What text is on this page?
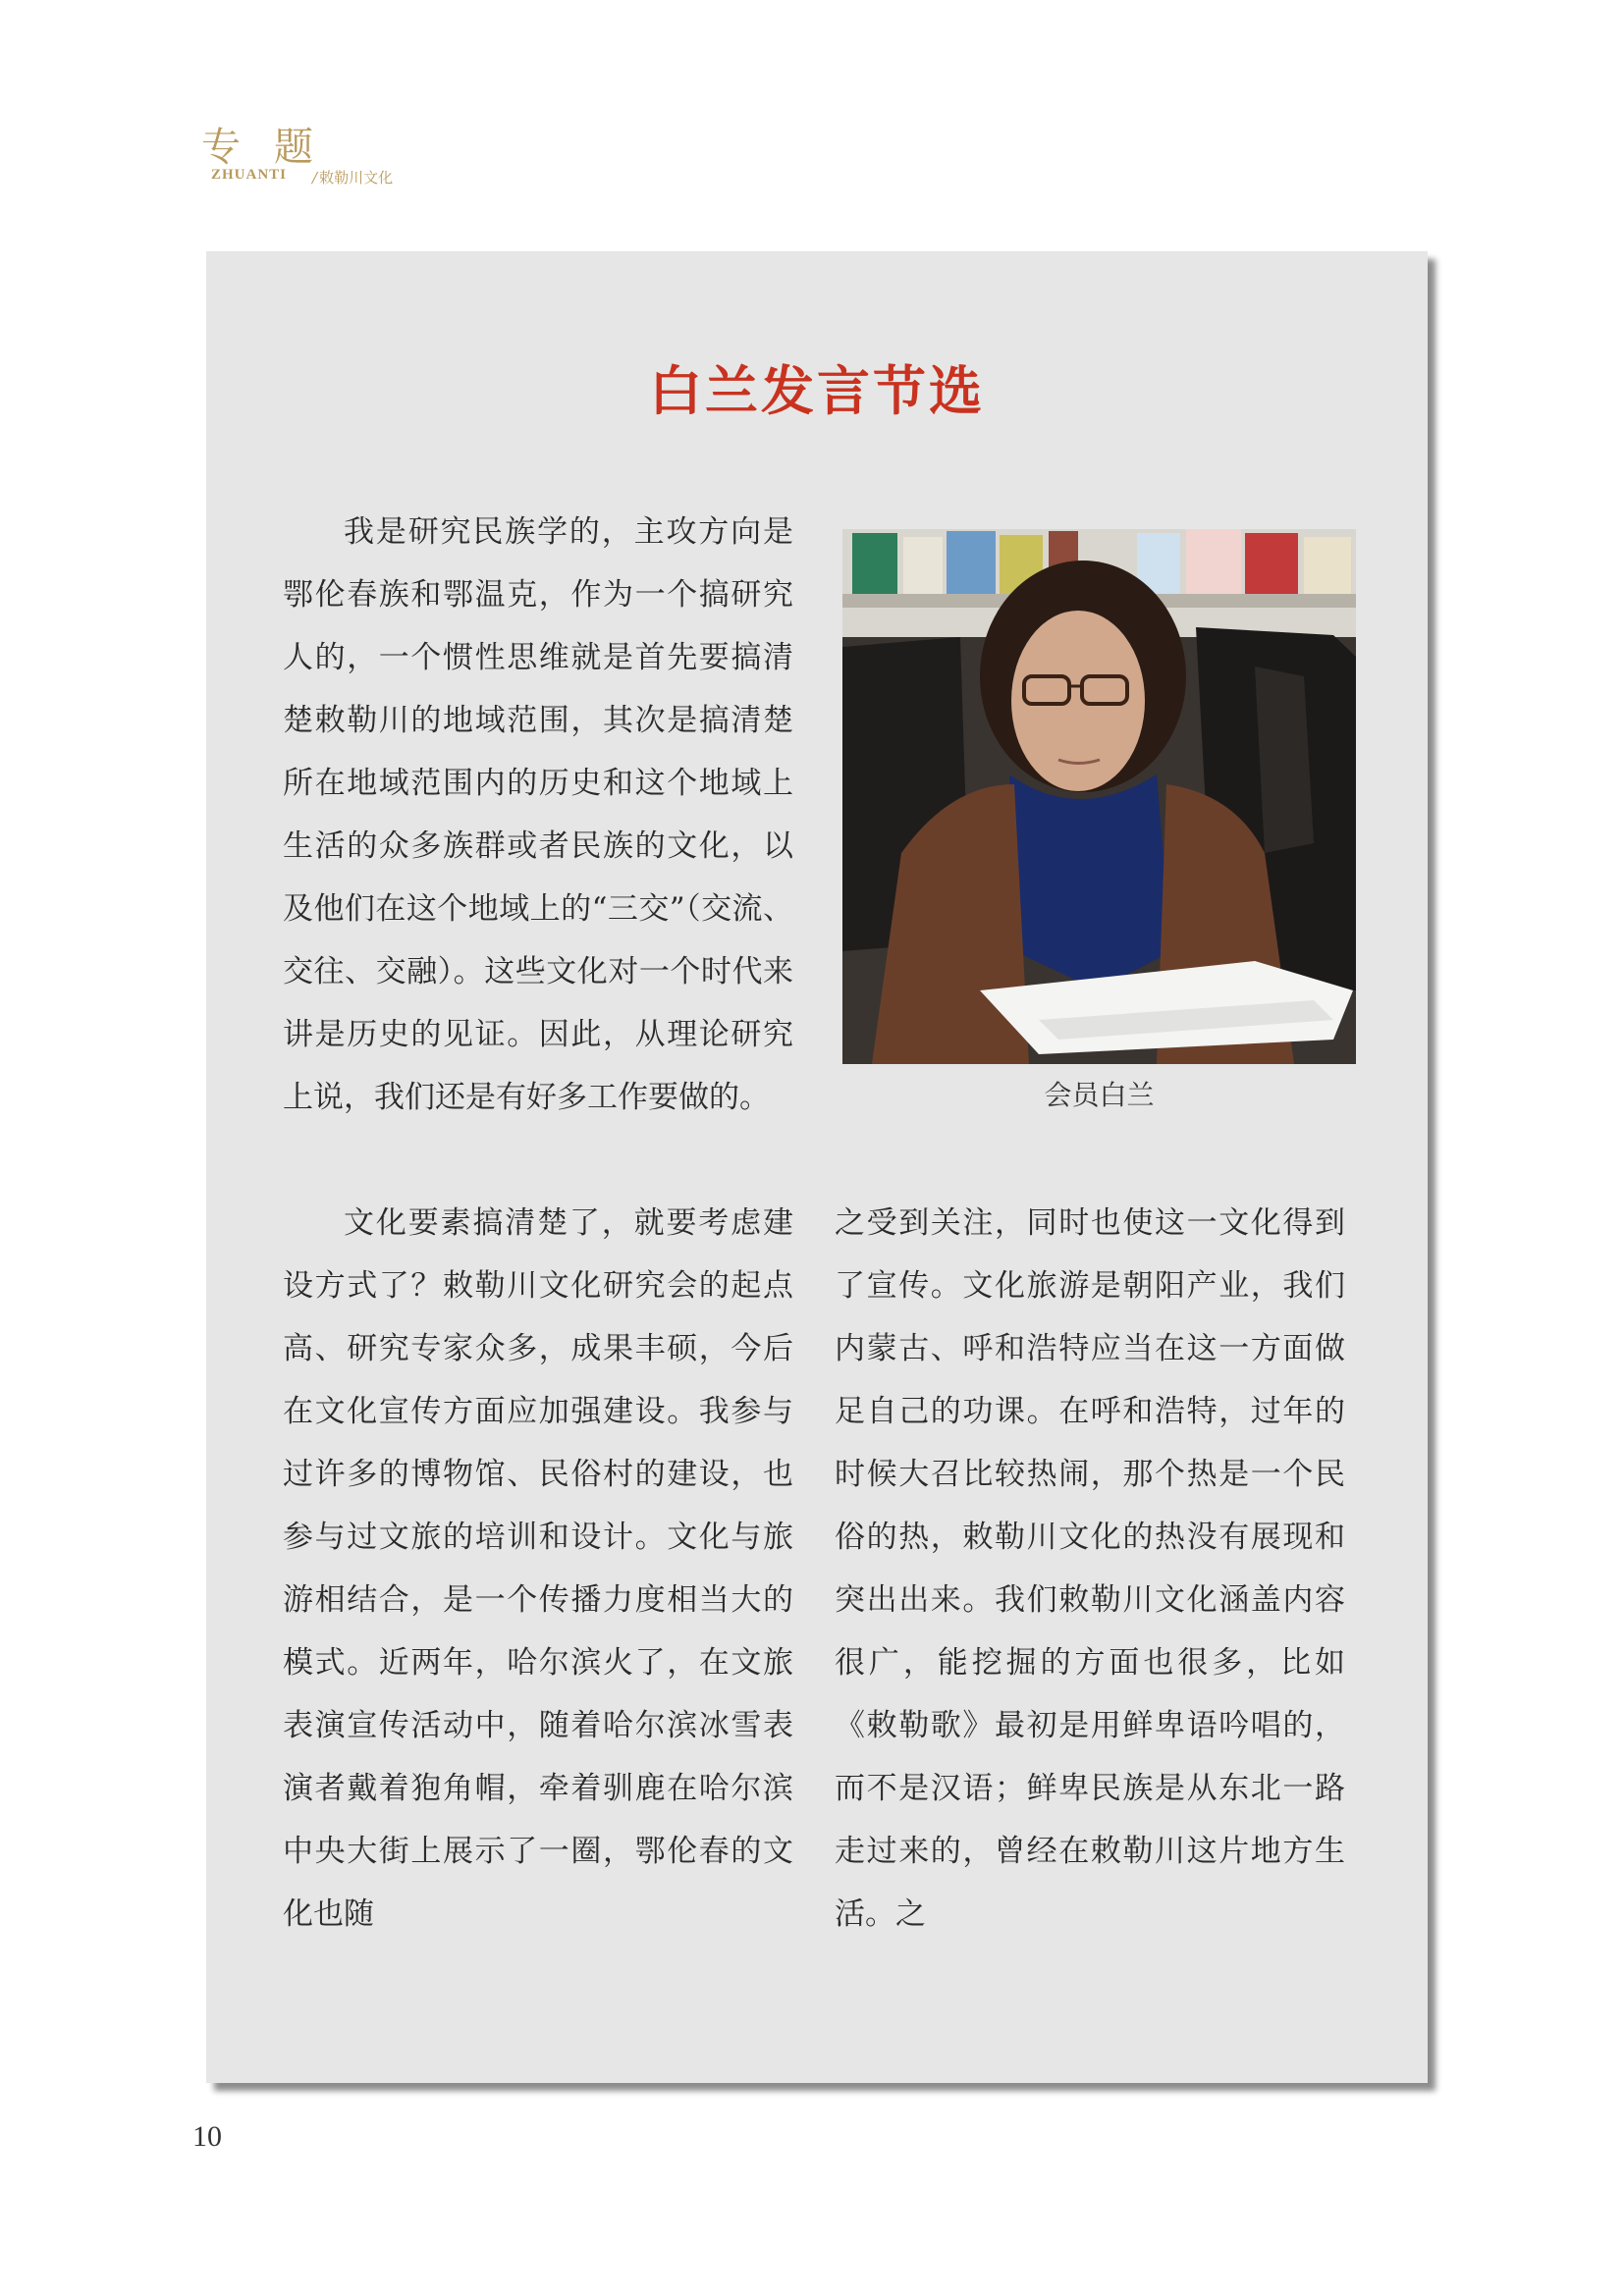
专题
ZHUANTI / 敕勒川文化
白兰发言节选

我是研究民族学的，主攻方向是鄂伦春族和鄂温克，作为一个搞研究人的，一个惯性思维就是首先要搞清楚敕勒川的地域范围，其次是搞清楚所在地域范围内的历史和这个地域上生活的众多族群或者民族的文化，以及他们在这个地域上的“三交”（交流、交往、交融）。这些文化对一个时代来讲是历史的见证。因此，从理论研究上说，我们还是有好多工作要做的。	会员白兰

文化要素搞清楚了，就要考虑建设方式了？敕勒川文化研究会的起点高、研究专家众多，成果丰硕，今后在文化宣传方面应加强建设。我参与过许多的博物馆、民俗村的建设，也参与过文旅的培训和设计。文化与旅游相结合，是一个传播力度相当大的模式。近两年，哈尔滨火了，在文旅表演宣传活动中，随着哈尔滨冰雪表演者戴着狍角帽，牵着驯鹿在哈尔滨中央大街上展示了一圈，鄂伦春的文化也随

之受到关注，同时也使这一文化得到了宣传。文化旅游是朝阳产业，我们内蒙古、呼和浩特应当在这一方面做足自己的功课。在呼和浩特，过年的时候大召比较热闹，那个热是一个民俗的热，敕勒川文化的热没有展现和突出出来。我们敕勒川文化涵盖内容很广，能挖掘的方面也很多，比如《敕勒歌》最初是用鲜卑语吟唱的，而不是汉语；鲜卑民族是从东北一路走过来的，曾经在敕勒川这片地方生活。之

10
